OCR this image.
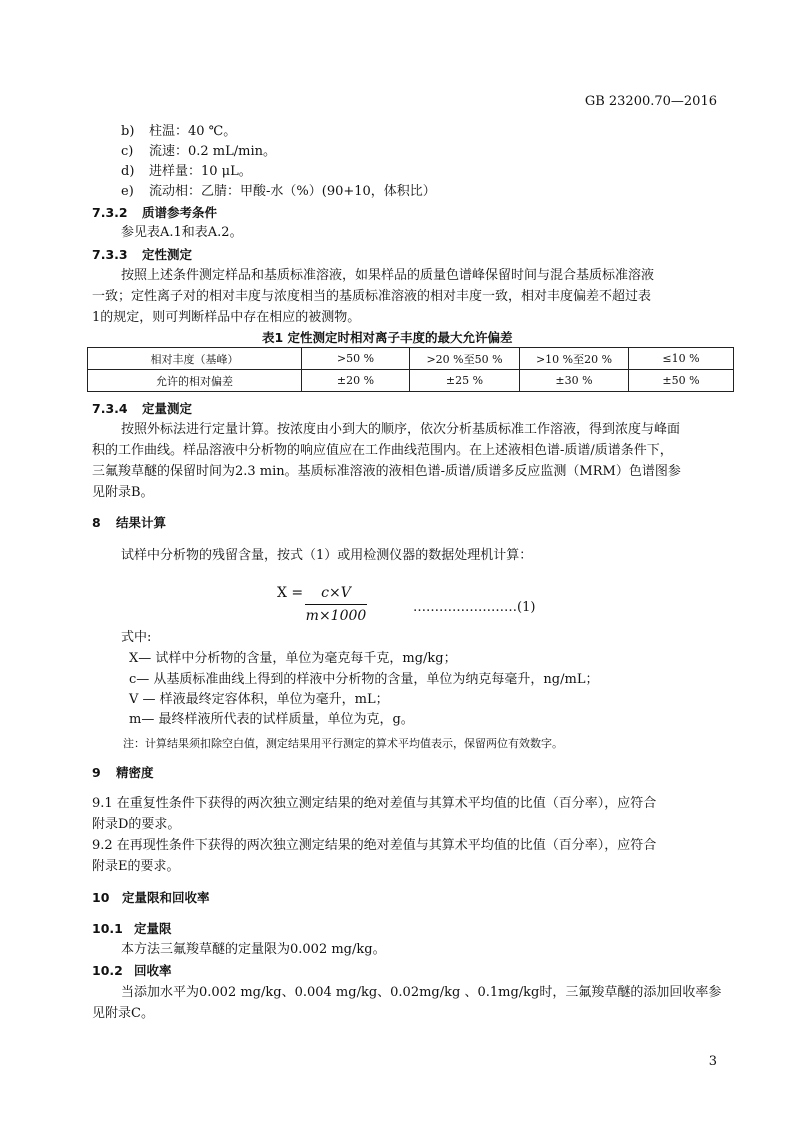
GB 23200.70—2016
b) 柱温：40 ℃。
c) 流速：0.2 mL/min。
d) 进样量：10 μL。
e) 流动相：乙腈：甲酸-水（%）(90+10，体积比）
7.3.2 质谱参考条件
参见表A.1和表A.2。
7.3.3 定性测定
按照上述条件测定样品和基质标准溶液，如果样品的质量色谱峰保留时间与混合基质标准溶液
一致；定性离子对的相对丰度与浓度相当的基质标准溶液的相对丰度一致，相对丰度偏差不超过表
1的规定，则可判断样品中存在相应的被测物。
表1 定性测定时相对离子丰度的最大允许偏差
相对丰度（基峰）	>50 %	>20 %至50 %	>10 %至20 %	≤10 %
允许的相对偏差	±20 %	±25 %	±30 %	±50 %
7.3.4 定量测定
按照外标法进行定量计算。按浓度由小到大的顺序，依次分析基质标准工作溶液，得到浓度与峰面
积的工作曲线。样品溶液中分析物的响应值应在工作曲线范围内。在上述液相色谱-质谱/质谱条件下，
三氟羧草醚的保留时间为2.3 min。基质标准溶液的液相色谱-质谱/质谱多反应监测（MRM）色谱图参
见附录B。
8 结果计算
试样中分析物的残留含量，按式（1）或用检测仪器的数据处理机计算：
X =	c×V
m×1000
……………………(1)
式中:
X— 试样中分析物的含量，单位为毫克每千克，mg/kg；
c— 从基质标准曲线上得到的样液中分析物的含量，单位为纳克每毫升，ng/mL；
V — 样液最终定容体积，单位为毫升，mL；
m— 最终样液所代表的试样质量，单位为克，g。
注：计算结果须扣除空白值，测定结果用平行测定的算术平均值表示，保留两位有效数字。
9 精密度
9.1 在重复性条件下获得的两次独立测定结果的绝对差值与其算术平均值的比值（百分率），应符合
附录D的要求。
9.2 在再现性条件下获得的两次独立测定结果的绝对差值与其算术平均值的比值（百分率），应符合
附录E的要求。
10 定量限和回收率
10.1 定量限
本方法三氟羧草醚的定量限为0.002 mg/kg。
10.2 回收率
当添加水平为0.002 mg/kg、0.004 mg/kg、0.02mg/kg 、0.1mg/kg时，三氟羧草醚的添加回收率参
见附录C。
3
